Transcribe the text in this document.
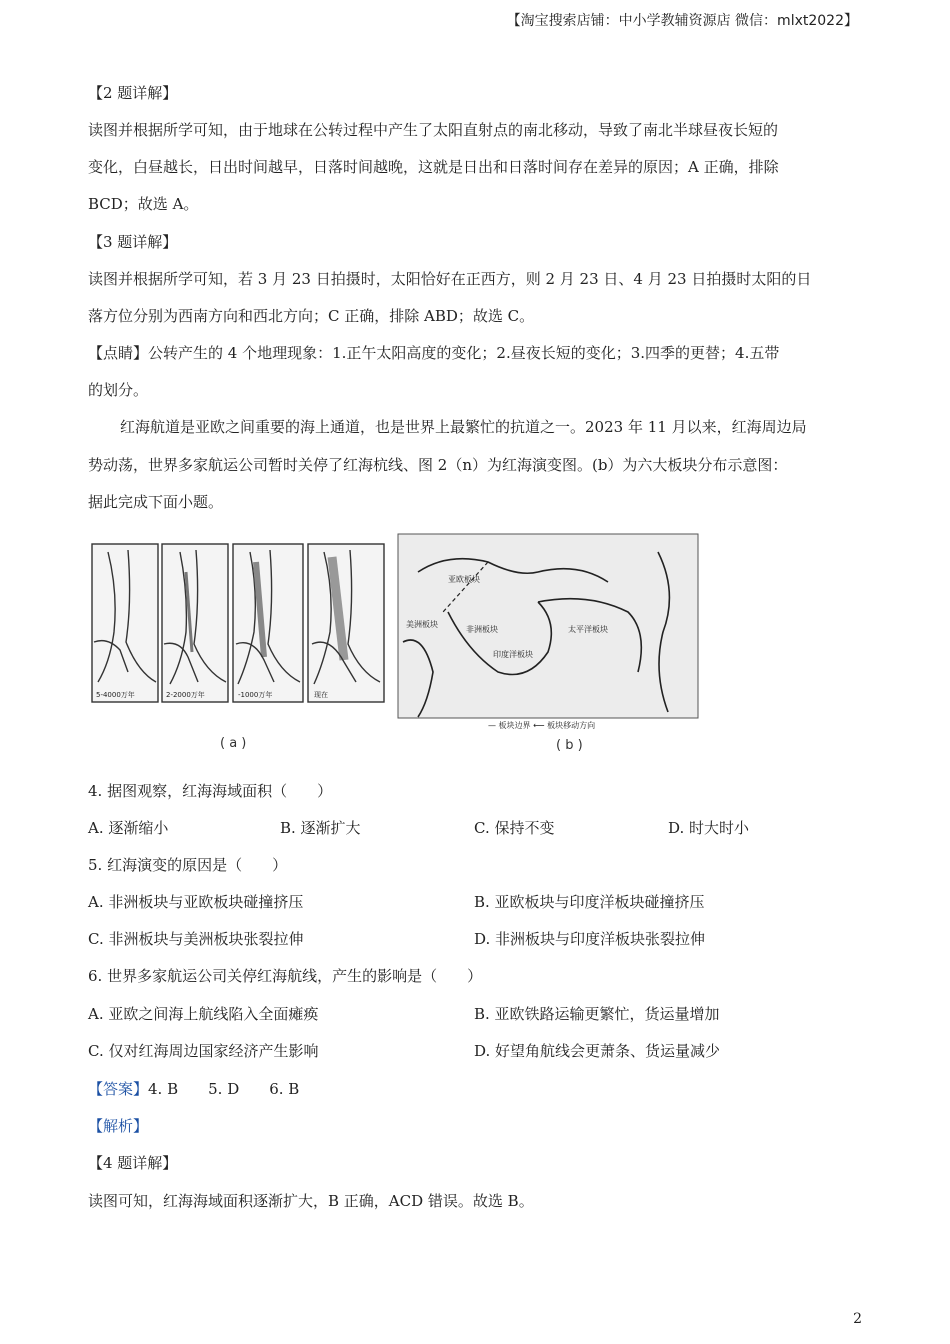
【淘宝搜索店铺：中小学教辅资源店 微信：mlxt2022】
【2 题详解】
读图并根据所学可知，由于地球在公转过程中产生了太阳直射点的南北移动，导致了南北半球昼夜长短的
变化，白昼越长，日出时间越早，日落时间越晚，这就是日出和日落时间存在差异的原因；A 正确，排除
BCD；故选 A。
【3 题详解】
读图并根据所学可知，若 3 月 23 日拍摄时，太阳恰好在正西方，则 2 月 23 日、4 月 23 日拍摄时太阳的日
落方位分别为西南方向和西北方向；C 正确，排除 ABD；故选 C。
【点睛】公转产生的 4 个地理现象：1.正午太阳高度的变化；2.昼夜长短的变化；3.四季的更替；4.五带
的划分。
红海航道是亚欧之间重要的海上通道，也是世界上最繁忙的抗道之一。2023 年 11 月以来，红海周边局
势动荡，世界多家航运公司暂时关停了红海杭线、图 2（n）为红海演变图。(b）为六大板块分布示意图：
据此完成下面小题。
5-4000万年	2-2000万年	-1000万年	现在
亚欧板块
非洲板块
印度洋板块
太平洋板块
美洲板块
— 板块边界 ⟵ 板块移动方向
( a )	( b )
4. 据图观察，红海海域面积（　　）
A. 逐渐缩小	B. 逐渐扩大	C. 保持不变	D. 时大时小
5. 红海演变的原因是（　　）
A. 非洲板块与亚欧板块碰撞挤压	B. 亚欧板块与印度洋板块碰撞挤压
C. 非洲板块与美洲板块张裂拉伸	D. 非洲板块与印度洋板块张裂拉伸
6. 世界多家航运公司关停红海航线，产生的影响是（　　）
A. 亚欧之间海上航线陷入全面瘫痪	B. 亚欧铁路运输更繁忙，货运量增加
C. 仅对红海周边国家经济产生影响	D. 好望角航线会更萧条、货运量减少
【答案】4. B　　5. D　　6. B
【解析】
【4 题详解】
读图可知，红海海域面积逐渐扩大，B 正确，ACD 错误。故选 B。
2
